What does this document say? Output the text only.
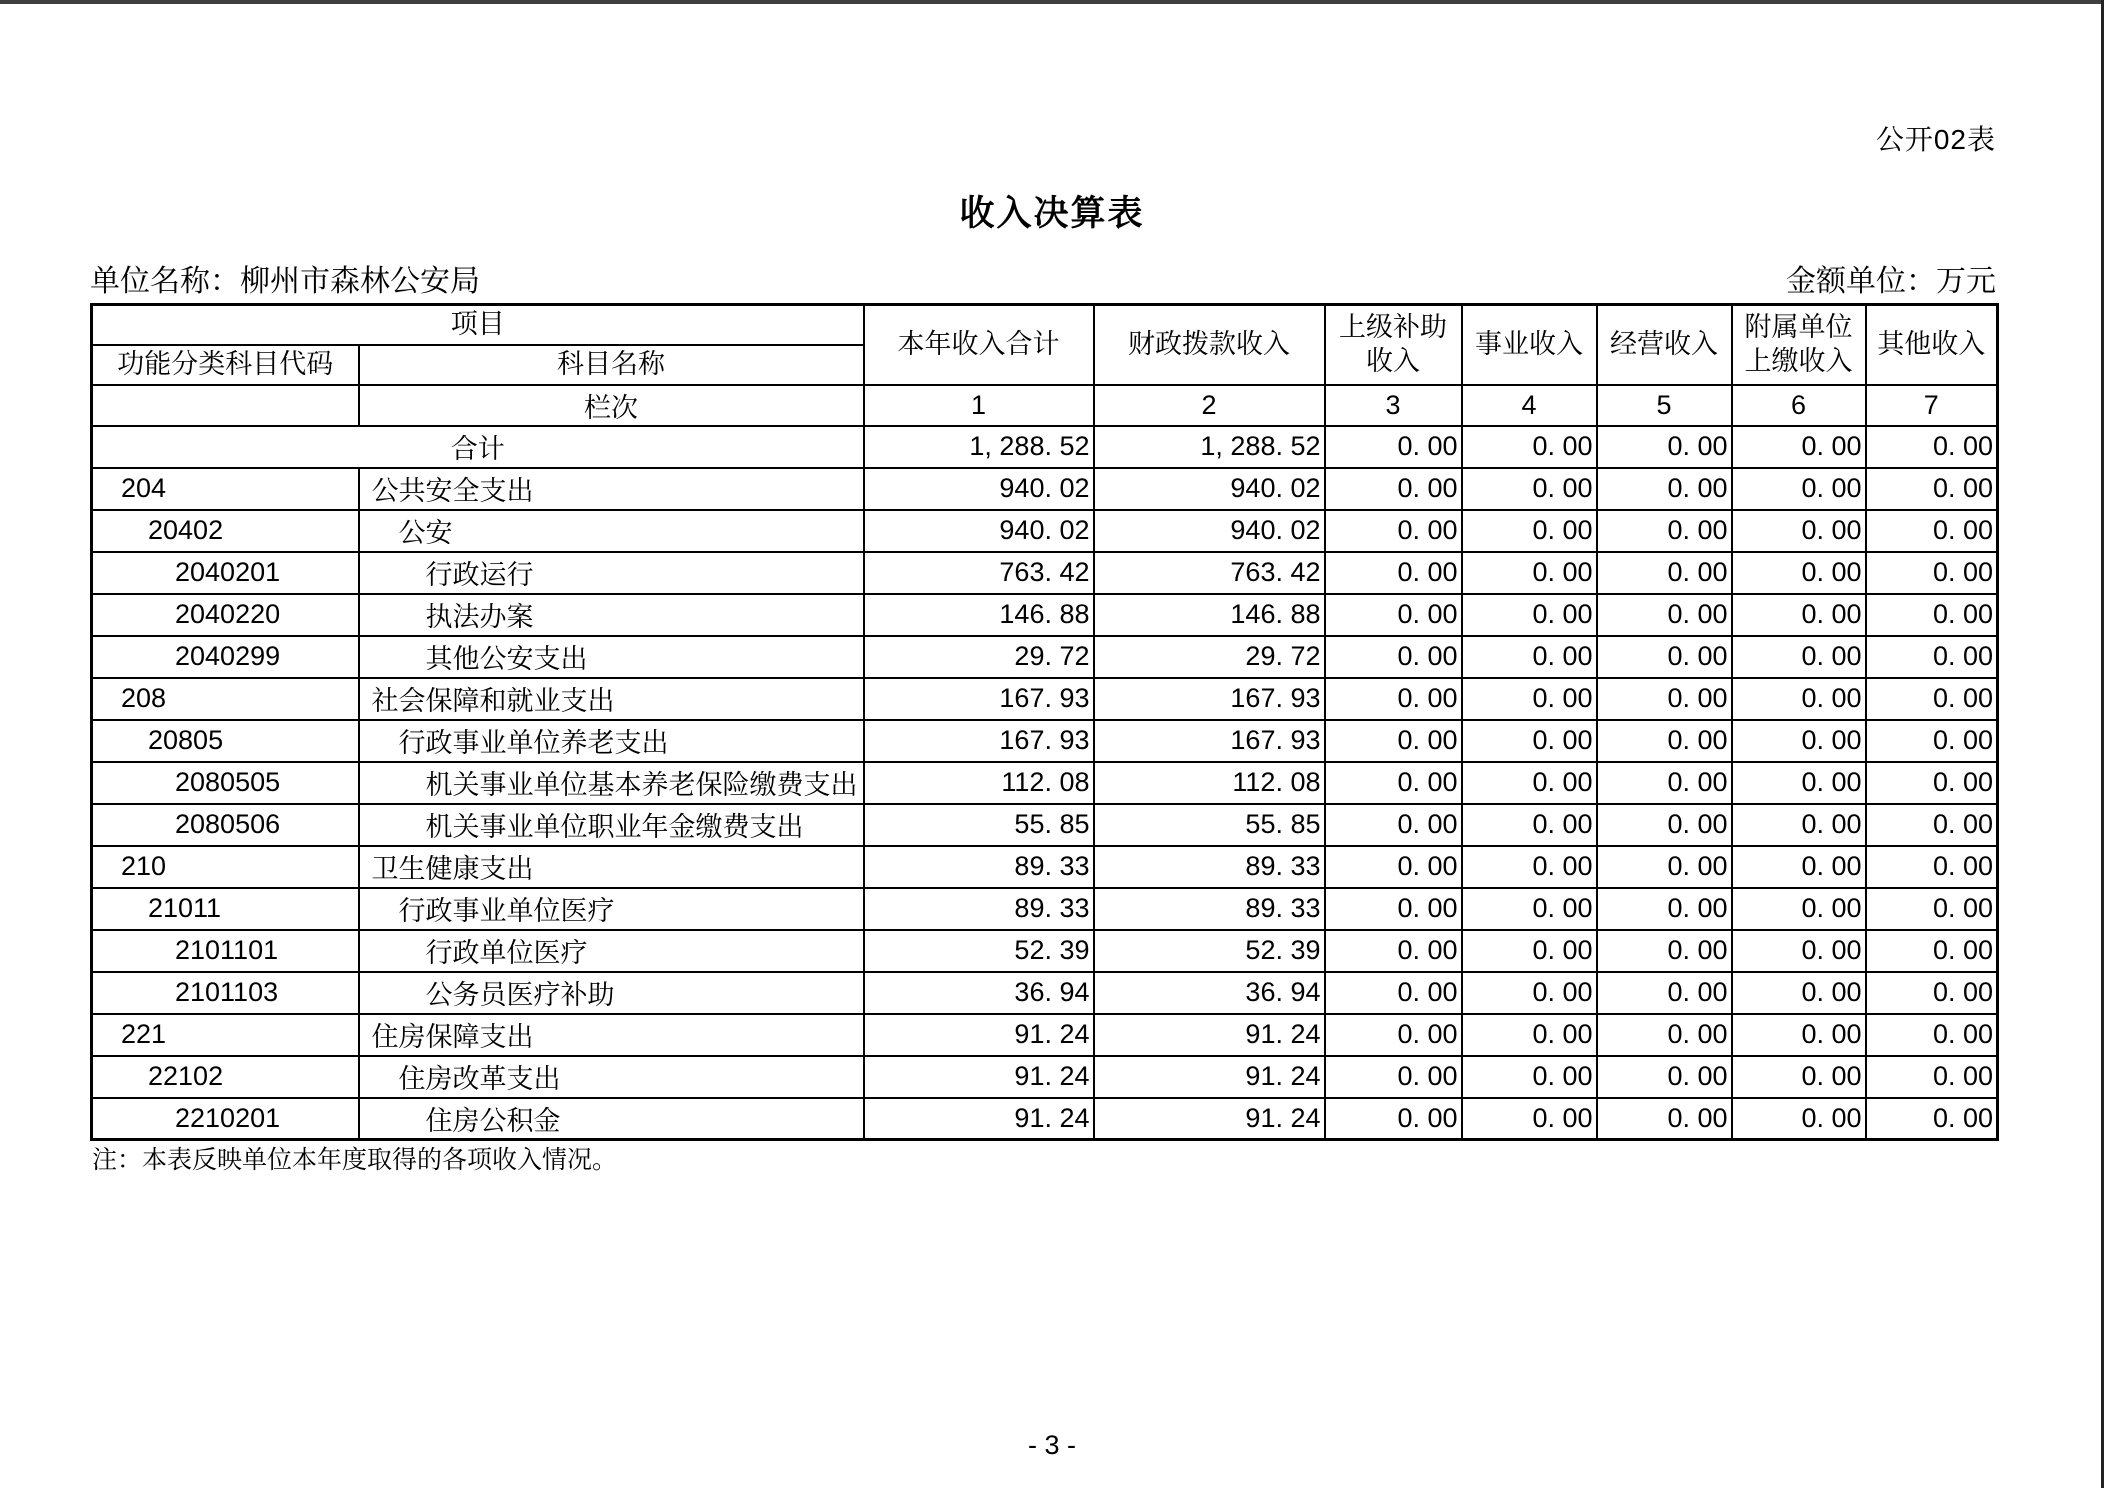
公开02表
收入决算表
单位名称：柳州市森林公安局	金额单位：万元
项目		本年收入合计	财政拨款收入	上级补助收入	事业收入	经营收入	附属单位上缴收入	其他收入
功能分类科目代码	科目名称							
	栏次	1	2	3	4	5	6	7
合计		1, 288. 52	1, 288. 52	0. 00	0. 00	0. 00	0. 00	0. 00
204	公共安全支出	940. 02	940. 02	0. 00	0. 00	0. 00	0. 00	0. 00
20402	公安	940. 02	940. 02	0. 00	0. 00	0. 00	0. 00	0. 00
2040201	行政运行	763. 42	763. 42	0. 00	0. 00	0. 00	0. 00	0. 00
2040220	执法办案	146. 88	146. 88	0. 00	0. 00	0. 00	0. 00	0. 00
2040299	其他公安支出	29. 72	29. 72	0. 00	0. 00	0. 00	0. 00	0. 00
208	社会保障和就业支出	167. 93	167. 93	0. 00	0. 00	0. 00	0. 00	0. 00
20805	行政事业单位养老支出	167. 93	167. 93	0. 00	0. 00	0. 00	0. 00	0. 00
2080505	机关事业单位基本养老保险缴费支出	112. 08	112. 08	0. 00	0. 00	0. 00	0. 00	0. 00
2080506	机关事业单位职业年金缴费支出	55. 85	55. 85	0. 00	0. 00	0. 00	0. 00	0. 00
210	卫生健康支出	89. 33	89. 33	0. 00	0. 00	0. 00	0. 00	0. 00
21011	行政事业单位医疗	89. 33	89. 33	0. 00	0. 00	0. 00	0. 00	0. 00
2101101	行政单位医疗	52. 39	52. 39	0. 00	0. 00	0. 00	0. 00	0. 00
2101103	公务员医疗补助	36. 94	36. 94	0. 00	0. 00	0. 00	0. 00	0. 00
221	住房保障支出	91. 24	91. 24	0. 00	0. 00	0. 00	0. 00	0. 00
22102	住房改革支出	91. 24	91. 24	0. 00	0. 00	0. 00	0. 00	0. 00
2210201	住房公积金	91. 24	91. 24	0. 00	0. 00	0. 00	0. 00	0. 00
注：本表反映单位本年度取得的各项收入情况。
- 3 -
